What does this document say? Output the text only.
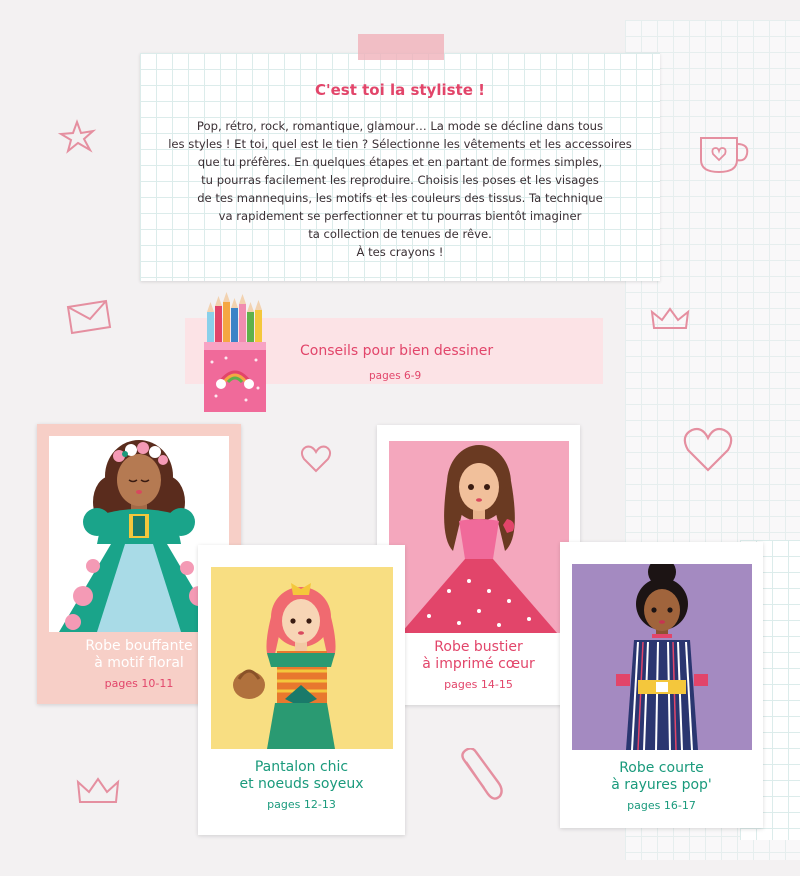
C'est toi la styliste !
Pop, rétro, rock, romantique, glamour… La mode se décline dans tous
les styles ! Et toi, quel est le tien ? Sélectionne les vêtements et les accessoires
que tu préfères. En quelques étapes et en partant de formes simples,
tu pourras facilement les reproduire. Choisis les poses et les visages
de tes mannequins, les motifs et les couleurs des tissus. Ta technique
va rapidement se perfectionner et tu pourras bientôt imaginer
ta collection de tenues de rêve.
À tes crayons !
Conseils pour bien dessiner
pages 6-9
Robe bouffante
à motif floral
pages 10-11
Robe bustier
à imprimé cœur
pages 14-15
Pantalon chic
et noeuds soyeux
pages 12-13
Robe courte
à rayures pop'
pages 16-17
